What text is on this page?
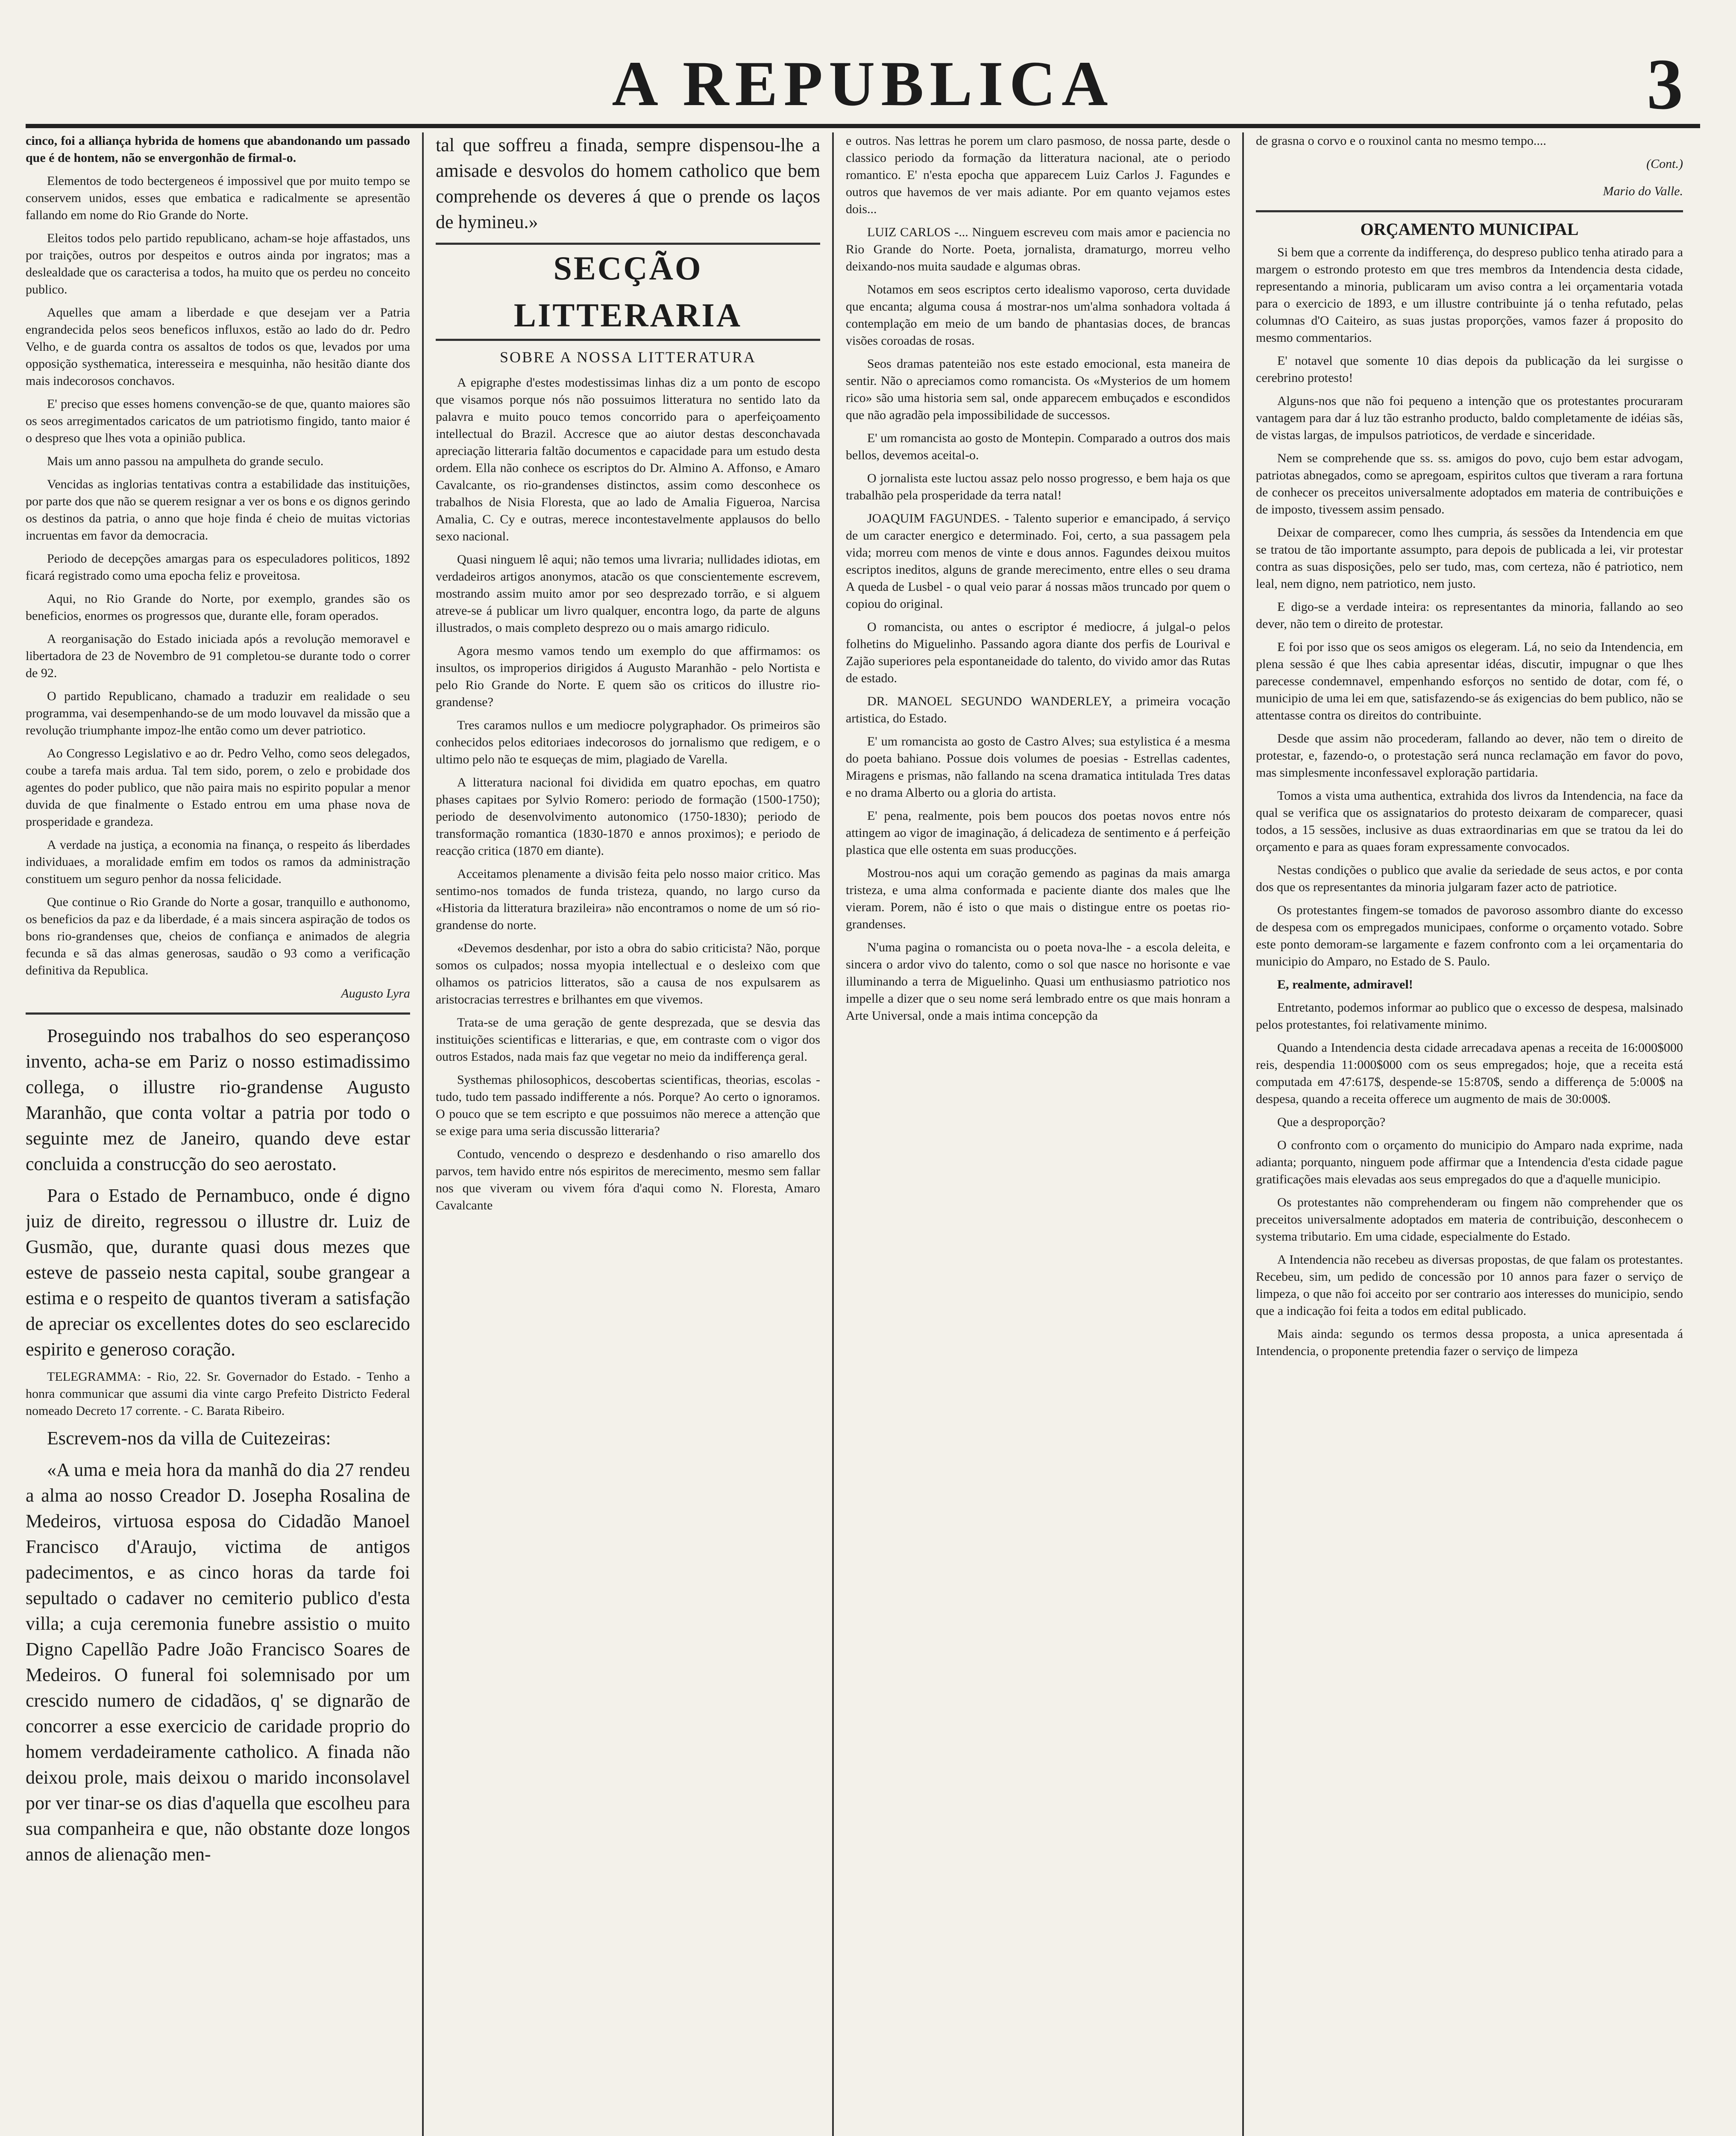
A REPUBLICA	3

cinco, foi a alliança hybrida de homens que abandonando um passado que é de hontem, não se envergonhão de firmal-o.

Elementos de todo bectergeneos é impossivel que por muito tempo se conservem unidos, esses que embatica e radicalmente se apresentão fallando em nome do Rio Grande do Norte.

Eleitos todos pelo partido republicano, acham-se hoje affastados, uns por traições, outros por despeitos e outros ainda por ingratos; mas a deslealdade que os caracterisa a todos, ha muito que os perdeu no conceito publico.

Aquelles que amam a liberdade e que desejam ver a Patria engrandecida pelos seos beneficos influxos, estão ao lado do dr. Pedro Velho, e de guarda contra os assaltos de todos os que, levados por uma opposição systhematica, interesseira e mesquinha, não hesitão diante dos mais indecorosos conchavos.

E' preciso que esses homens convenção-se de que, quanto maiores são os seos arregimentados caricatos de um patriotismo fingido, tanto maior é o despreso que lhes vota a opinião publica.

Mais um anno passou na ampulheta do grande seculo.

Vencidas as inglorias tentativas contra a estabilidade das instituições, por parte dos que não se querem resignar a ver os bons e os dignos gerindo os destinos da patria, o anno que hoje finda é cheio de muitas victorias incruentas em favor da democracia.

Periodo de decepções amargas para os especuladores politicos, 1892 ficará registrado como uma epocha feliz e proveitosa.

Aqui, no Rio Grande do Norte, por exemplo, grandes são os beneficios, enormes os progressos que, durante elle, foram operados.

A reorganisação do Estado iniciada após a revolução memoravel e libertadora de 23 de Novembro de 91 completou-se durante todo o correr de 92.

O partido Republicano, chamado a traduzir em realidade o seu programma, vai desempenhando-se de um modo louvavel da missão que a revolução triumphante impoz-lhe então como um dever patriotico.

Ao Congresso Legislativo e ao dr. Pedro Velho, como seos delegados, coube a tarefa mais ardua. Tal tem sido, porem, o zelo e probidade dos agentes do poder publico, que não paira mais no espirito popular a menor duvida de que finalmente o Estado entrou em uma phase nova de prosperidade e grandeza.

A verdade na justiça, a economia na finança, o respeito ás liberdades individuaes, a moralidade emfim em todos os ramos da administração constituem um seguro penhor da nossa felicidade.

Que continue o Rio Grande do Norte a gosar, tranquillo e authonomo, os beneficios da paz e da liberdade, é a mais sincera aspiração de todos os bons rio-grandenses que, cheios de confiança e animados de alegria fecunda e sã das almas generosas, saudão o 93 como a verificação definitiva da Republica.

Augusto Lyra

Proseguindo nos trabalhos do seo esperançoso invento, acha-se em Pariz o nosso estimadissimo collega, o illustre rio-grandense Augusto Maranhão, que conta voltar a patria por todo o seguinte mez de Janeiro, quando deve estar concluida a construcção do seo aerostato.

Para o Estado de Pernambuco, onde é digno juiz de direito, regressou o illustre dr. Luiz de Gusmão, que, durante quasi dous mezes que esteve de passeio nesta capital, soube grangear a estima e o respeito de quantos tiveram a satisfação de apreciar os excellentes dotes do seo esclarecido espirito e generoso coração.

TELEGRAMMA: - Rio, 22. Sr. Governador do Estado. - Tenho a honra communicar que assumi dia vinte cargo Prefeito Districto Federal nomeado Decreto 17 corrente. - C. Barata Ribeiro.

Escrevem-nos da villa de Cuitezeiras:

«A uma e meia hora da manhã do dia 27 rendeu a alma ao nosso Creador D. Josepha Rosalina de Medeiros, virtuosa esposa do Cidadão Manoel Francisco d'Araujo, victima de antigos padecimentos, e as cinco horas da tarde foi sepultado o cadaver no cemiterio publico d'esta villa; a cuja ceremonia funebre assistio o muito Digno Capellão Padre João Francisco Soares de Medeiros. O funeral foi solemnisado por um crescido numero de cidadãos, q' se dignarão de concorrer a esse exercicio de caridade proprio do homem verdadeiramente catholico. A finada não deixou prole, mais deixou o marido inconsolavel por ver tinar-se os dias d'aquella que escolheu para sua companheira e que, não obstante doze longos annos de alienação men-

tal que soffreu a finada, sempre dispensou-lhe a amisade e desvolos do homem catholico que bem comprehende os deveres á que o prende os laços de hymineu.»

SECÇÃO LITTERARIA
SOBRE A NOSSA LITTERATURA

A epigraphe d'estes modestissimas linhas diz a um ponto de escopo que visamos porque nós não possuimos litteratura no sentido lato da palavra e muito pouco temos concorrido para o aperfeiçoamento intellectual do Brazil. Accresce que ao aiutor destas desconchavada apreciação litteraria faltão documentos e capacidade para um estudo desta ordem. Ella não conhece os escriptos do Dr. Almino A. Affonso, e Amaro Cavalcante, os rio-grandenses distinctos, assim como desconhece os trabalhos de Nisia Floresta, que ao lado de Amalia Figueroa, Narcisa Amalia, C. Cy e outras, merece incontestavelmente applausos do bello sexo nacional.

Quasi ninguem lê aqui; não temos uma livraria; nullidades idiotas, em verdadeiros artigos anonymos, atacão os que conscientemente escrevem, mostrando assim muito amor por seo desprezado torrão, e si alguem atreve-se á publicar um livro qualquer, encontra logo, da parte de alguns illustrados, o mais completo desprezo ou o mais amargo ridiculo.

Agora mesmo vamos tendo um exemplo do que affirmamos: os insultos, os improperios dirigidos á Augusto Maranhão - pelo Nortista e pelo Rio Grande do Norte. E quem são os criticos do illustre rio-grandense?

Tres caramos nullos e um mediocre polygraphador. Os primeiros são conhecidos pelos editoriaes indecorosos do jornalismo que redigem, e o ultimo pelo não te esqueças de mim, plagiado de Varella.

A litteratura nacional foi dividida em quatro epochas, em quatro phases capitaes por Sylvio Romero: periodo de formação (1500-1750); periodo de desenvolvimento autonomico (1750-1830); periodo de transformação romantica (1830-1870 e annos proximos); e periodo de reacção critica (1870 em diante).

Acceitamos plenamente a divisão feita pelo nosso maior critico. Mas sentimo-nos tomados de funda tristeza, quando, no largo curso da «Historia da litteratura brazileira» não encontramos o nome de um só rio-grandense do norte.

«Devemos desdenhar, por isto a obra do sabio criticista? Não, porque somos os culpados; nossa myopia intellectual e o desleixo com que olhamos os patricios litteratos, são a causa de nos expulsarem as aristocracias terrestres e brilhantes em que vivemos.

Trata-se de uma geração de gente desprezada, que se desvia das instituições scientificas e litterarias, e que, em contraste com o vigor dos outros Estados, nada mais faz que vegetar no meio da indifferença geral.

Systhemas philosophicos, descobertas scientificas, theorias, escolas - tudo, tudo tem passado indifferente a nós. Porque? Ao certo o ignoramos. O pouco que se tem escripto e que possuimos não merece a attenção que se exige para uma seria discussão litteraria?

Contudo, vencendo o desprezo e desdenhando o riso amarello dos parvos, tem havido entre nós espiritos de merecimento, mesmo sem fallar nos que viveram ou vivem fóra d'aqui como N. Floresta, Amaro Cavalcante

e outros. Nas lettras he porem um claro pasmoso, de nossa parte, desde o classico periodo da formação da litteratura nacional, ate o periodo romantico. E' n'esta epocha que apparecem Luiz Carlos J. Fagundes e outros que havemos de ver mais adiante. Por em quanto vejamos estes dois...

LUIZ CARLOS -... Ninguem escreveu com mais amor e paciencia no Rio Grande do Norte. Poeta, jornalista, dramaturgo, morreu velho deixando-nos muita saudade e algumas obras.

Notamos em seos escriptos certo idealismo vaporoso, certa duvidade que encanta; alguma cousa á mostrar-nos um'alma sonhadora voltada á contemplação em meio de um bando de phantasias doces, de brancas visões coroadas de rosas.

Seos dramas patenteião nos este estado emocional, esta maneira de sentir. Não o apreciamos como romancista. Os «Mysterios de um homem rico» são uma historia sem sal, onde apparecem embuçados e escondidos que não agradão pela impossibilidade de successos.

E' um romancista ao gosto de Montepin. Comparado a outros dos mais bellos, devemos aceital-o.

O jornalista este luctou assaz pelo nosso progresso, e bem haja os que trabalhão pela prosperidade da terra natal!

JOAQUIM FAGUNDES. - Talento superior e emancipado, á serviço de um caracter energico e determinado. Foi, certo, a sua passagem pela vida; morreu com menos de vinte e dous annos. Fagundes deixou muitos escriptos ineditos, alguns de grande merecimento, entre elles o seu drama A queda de Lusbel - o qual veio parar á nossas mãos truncado por quem o copiou do original.

O romancista, ou antes o escriptor é mediocre, á julgal-o pelos folhetins do Miguelinho. Passando agora diante dos perfis de Lourival e Zajão superiores pela espontaneidade do talento, do vivido amor das Rutas de estado.

DR. MANOEL SEGUNDO WANDERLEY, a primeira vocação artistica, do Estado.

E' um romancista ao gosto de Castro Alves; sua estylistica é a mesma do poeta bahiano. Possue dois volumes de poesias - Estrellas cadentes, Miragens e prismas, não fallando na scena dramatica intitulada Tres datas e no drama Alberto ou a gloria do artista.

E' pena, realmente, pois bem poucos dos poetas novos entre nós attingem ao vigor de imaginação, á delicadeza de sentimento e á perfeição plastica que elle ostenta em suas producções.

Mostrou-nos aqui um coração gemendo as paginas da mais amarga tristeza, e uma alma conformada e paciente diante dos males que lhe vieram. Porem, não é isto o que mais o distingue entre os poetas rio-grandenses.

N'uma pagina o romancista ou o poeta nova-lhe - a escola deleita, e sincera o ardor vivo do talento, como o sol que nasce no horisonte e vae illuminando a terra de Miguelinho. Quasi um enthusiasmo patriotico nos impelle a dizer que o seu nome será lembrado entre os que mais honram a Arte Universal, onde a mais intima concepção da

de grasna o corvo e o rouxinol canta no mesmo tempo....

(Cont.)
Mario do Valle.
ORÇAMENTO MUNICIPAL

Si bem que a corrente da indifferença, do despreso publico tenha atirado para a margem o estrondo protesto em que tres membros da Intendencia desta cidade, representando a minoria, publicaram um aviso contra a lei orçamentaria votada para o exercicio de 1893, e um illustre contribuinte já o tenha refutado, pelas columnas d'O Caiteiro, as suas justas proporções, vamos fazer á proposito do mesmo commentarios.

E' notavel que somente 10 dias depois da publicação da lei surgisse o cerebrino protesto!

Alguns-nos que não foi pequeno a intenção que os protestantes procuraram vantagem para dar á luz tão estranho producto, baldo completamente de idéias sãs, de vistas largas, de impulsos patrioticos, de verdade e sinceridade.

Nem se comprehende que ss. ss. amigos do povo, cujo bem estar advogam, patriotas abnegados, como se apregoam, espiritos cultos que tiveram a rara fortuna de conhecer os preceitos universalmente adoptados em materia de contribuições e de imposto, tivessem assim pensado.

Deixar de comparecer, como lhes cumpria, ás sessões da Intendencia em que se tratou de tão importante assumpto, para depois de publicada a lei, vir protestar contra as suas disposições, pelo ser tudo, mas, com certeza, não é patriotico, nem leal, nem digno, nem patriotico, nem justo.

E digo-se a verdade inteira: os representantes da minoria, fallando ao seo dever, não tem o direito de protestar.

E foi por isso que os seos amigos os elegeram. Lá, no seio da Intendencia, em plena sessão é que lhes cabia apresentar idéas, discutir, impugnar o que lhes parecesse condemnavel, empenhando esforços no sentido de dotar, com fé, o municipio de uma lei em que, satisfazendo-se ás exigencias do bem publico, não se attentasse contra os direitos do contribuinte.

Desde que assim não procederam, fallando ao dever, não tem o direito de protestar, e, fazendo-o, o protestação será nunca reclamação em favor do povo, mas simplesmente inconfessavel exploração partidaria.

Tomos a vista uma authentica, extrahida dos livros da Intendencia, na face da qual se verifica que os assignatarios do protesto deixaram de comparecer, quasi todos, a 15 sessões, inclusive as duas extraordinarias em que se tratou da lei do orçamento e para as quaes foram expressamente convocados.

Nestas condições o publico que avalie da seriedade de seus actos, e por conta dos que os representantes da minoria julgaram fazer acto de patriotice.

Os protestantes fingem-se tomados de pavoroso assombro diante do excesso de despesa com os empregados municipaes, conforme o orçamento votado. Sobre este ponto demoram-se largamente e fazem confronto com a lei orçamentaria do municipio do Amparo, no Estado de S. Paulo.

E, realmente, admiravel!

Entretanto, podemos informar ao publico que o excesso de despesa, malsinado pelos protestantes, foi relativamente minimo.

Quando a Intendencia desta cidade arrecadava apenas a receita de 16:000$000 reis, despendia 11:000$000 com os seus empregados; hoje, que a receita está computada em 47:617$, despende-se 15:870$, sendo a differença de 5:000$ na despesa, quando a receita offerece um augmento de mais de 30:000$.

Que a desproporção?

O confronto com o orçamento do municipio do Amparo nada exprime, nada adianta; porquanto, ninguem pode affirmar que a Intendencia d'esta cidade pague gratificações mais elevadas aos seus empregados do que a d'aquelle municipio.

Os protestantes não comprehenderam ou fingem não comprehender que os preceitos universalmente adoptados em materia de contribuição, desconhecem o systema tributario. Em uma cidade, especialmente do Estado.

A Intendencia não recebeu as diversas propostas, de que falam os protestantes. Recebeu, sim, um pedido de concessão por 10 annos para fazer o serviço de limpeza, o que não foi acceito por ser contrario aos interesses do municipio, sendo que a indicação foi feita a todos em edital publicado.

Mais ainda: segundo os termos dessa proposta, a unica apresentada á Intendencia, o proponente pretendia fazer o serviço de limpeza
